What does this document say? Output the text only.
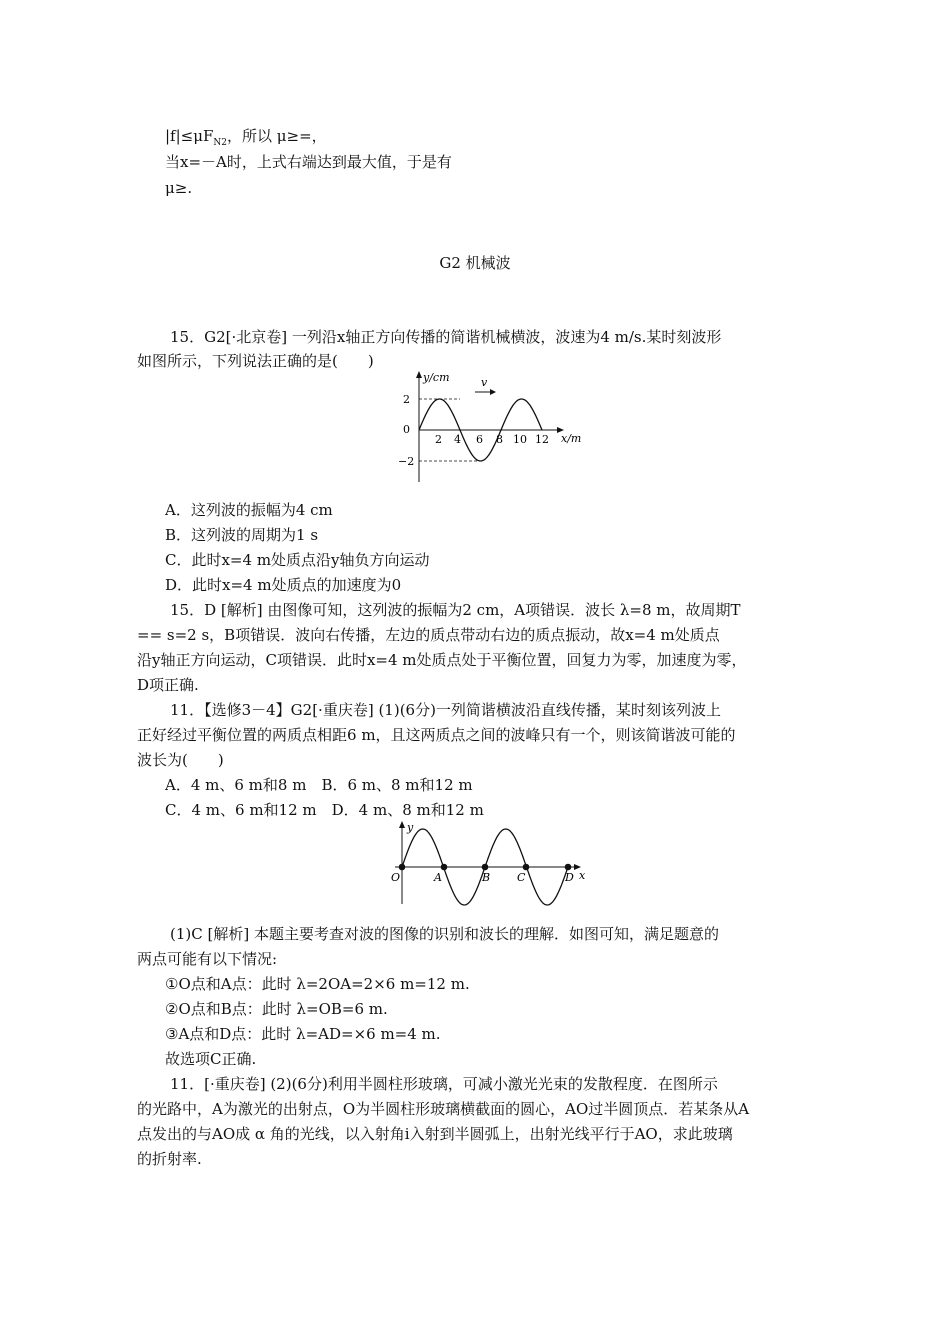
$|f|\le\mu F_{N2}$，所以 μ≥=，
当x=－A时，上式右端达到最大值，于是有
μ≥.
G2 机械波
15．G2[·北京卷] 一列沿x轴正方向传播的简谐机械横波，波速为4 m/s.某时刻波形
如图所示，下列说法正确的是(　　)
v
y/cm
x/m
2
0
−2
2 4 6 8 10 12
A．这列波的振幅为4 cm
B．这列波的周期为1 s
C．此时x=4 m处质点沿y轴负方向运动
D．此时x=4 m处质点的加速度为0
15．D [解析] 由图像可知，这列波的振幅为2 cm，A项错误．波长 λ=8 m，故周期T
== s=2 s，B项错误．波向右传播，左边的质点带动右边的质点振动，故x=4 m处质点
沿y轴正方向运动，C项错误．此时x=4 m处质点处于平衡位置，回复力为零，加速度为零，
D项正确.
11．【选修3－4】G2[·重庆卷] (1)(6分)一列简谐横波沿直线传播，某时刻该列波上
正好经过平衡位置的两质点相距6 m，且这两质点之间的波峰只有一个，则该简谐波可能的
波长为(　　)
A．4 m、6 m和8 m　B．6 m、8 m和12 m
C．4 m、6 m和12 m　D．4 m、8 m和12 m
y
x
O	A	B C	D
(1)C [解析] 本题主要考查对波的图像的识别和波长的理解．如图可知，满足题意的
两点可能有以下情况:
①O点和A点：此时 λ=2OA=2×6 m=12 m.
②O点和B点：此时 λ=OB=6 m.
③A点和D点：此时 λ=AD=×6 m=4 m.
故选项C正确.
11．[·重庆卷] (2)(6分)利用半圆柱形玻璃，可减小激光光束的发散程度．在图所示
的光路中，A为激光的出射点，O为半圆柱形玻璃横截面的圆心，AO过半圆顶点．若某条从A
点发出的与AO成 α 角的光线，以入射角i入射到半圆弧上，出射光线平行于AO，求此玻璃
的折射率.
